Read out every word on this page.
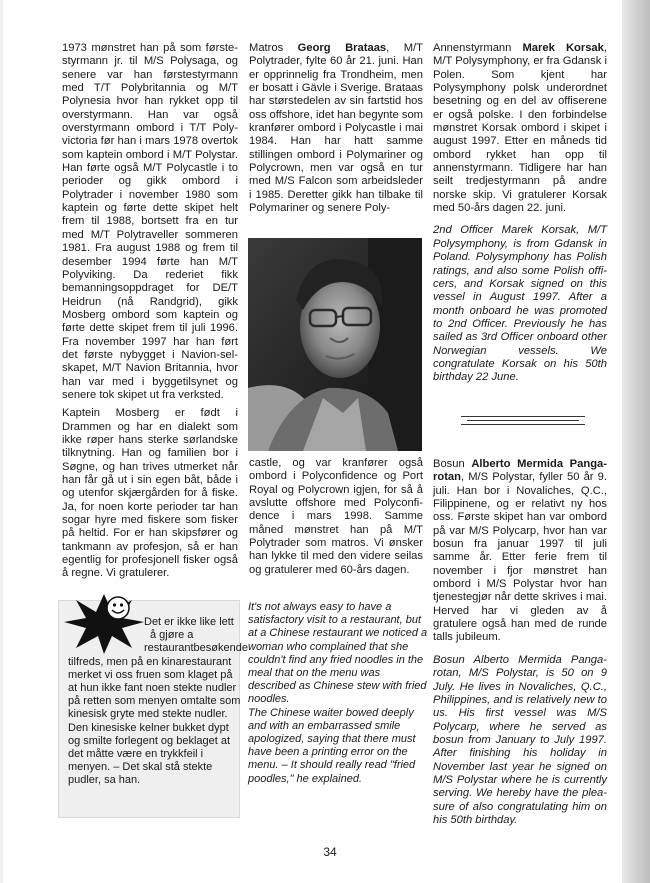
1973 mønstret han på som førstestyrmann jr. til M/S Polysaga, og senere var han førstestyrmann med T/T Polybritannia og M/T Polynesia hvor han rykket opp til overstyrmann. Han var også overstyrmann ombord i T/T Polyvictoria før han i mars 1978 overtok som kaptein ombord i M/T Polystar. Han førte også M/T Polycastle i to perioder og gikk ombord i Polytrader i november 1980 som kaptein og førte dette skipet helt frem til 1988, bortsett fra en tur med M/T Polytraveller sommeren 1981. Fra august 1988 og frem til desember 1994 førte han M/T Polyviking. Da rederiet fikk bemanningsoppdraget for DE/T Heidrun (nå Randgrid), gikk Mosberg ombord som kaptein og førte dette skipet frem til juli 1996. Fra november 1997 har han ført det første nybygget i Navion-selskapet, M/T Navion Britannia, hvor han var med i byggetilsynet og senere tok skipet ut fra verksted.

Kaptein Mosberg er født i Drammen og har en dialekt som ikke røper hans sterke sørlandske tilknytning. Han og familien bor i Søgne, og han trives utmerket når han får gå ut i sin egen båt, både i og utenfor skjærgården for å fiske. Ja, for noen korte perioder tar han sogar hyre med fiskere som fisker på heltid. For er han skipsfører og tankmann av profesjon, så er han egentlig for profesjonell fisker også å regne. Vi gratulerer.

Matros Georg Brataas, M/T Polytrader, fylte 60 år 21. juni. Han er opprinnelig fra Trondheim, men er bosatt i Gävle i Sverige. Brataas har størstedelen av sin fartstid hos oss offshore, idet han begynte som kranfører ombord i Polycastle i mai 1984. Han har hatt samme stillingen ombord i Polymariner og Polycrown, men var også en tur med M/S Falcon som arbeidsleder i 1985. Deretter gikk han tilbake til Polymariner og senere Poly-

castle, og var kranfører også ombord i Polyconfidence og Port Royal og Polycrown igjen, for så å avslutte offshore med Polyconfidence i mars 1998. Samme måned mønstret han på M/T Polytrader som matros. Vi ønsker han lykke til med den videre seilas og gratulerer med 60-års dagen.

Annenstyrmann Marek Korsak, M/T Polysymphony, er fra Gdansk i Polen. Som kjent har Polysymphony polsk underordnet besetning og en del av offiserene er også polske. I den forbindelse mønstret Korsak ombord i skipet i august 1997. Etter en måneds tid ombord rykket han opp til annenstyrmann. Tidligere har han seilt tredjestyrmann på andre norske skip. Vi gratulerer Korsak med 50-års dagen 22. juni.

2nd Officer Marek Korsak, M/T Polysymphony, is from Gdansk in Poland. Polysymphony has Polish ratings, and also some Polish officers, and Korsak signed on this vessel in August 1997. After a month onboard he was promoted to 2nd Officer. Previously he has sailed as 3rd Officer onboard other Norwegian vessels. We congratulate Korsak on his 50th birthday 22 June.

Bosun Alberto Mermida Pangarotan, M/S Polystar, fyller 50 år 9. juli. Han bor i Novaliches, Q.C., Filippinene, og er relativt ny hos oss. Første skipet han var ombord på var M/S Polycarp, hvor han var bosun fra januar 1997 til juli samme år. Etter ferie frem til november i fjor mønstret han ombord i M/S Polystar hvor han tjenestegjør når dette skrives i mai. Herved har vi gleden av å gratulere også han med de runde talls jubileum.

Bosun Alberto Mermida Pangarotan, M/S Polystar, is 50 on 9 July. He lives in Novaliches, Q.C., Philippines, and is relatively new to us. His first vessel was M/S Polycarp, where he served as bosun from January to July 1997. After finishing his holiday in November last year he signed on M/S Polystar where he is currently serving. We hereby have the pleasure of also congratulating him on his 50th birthday.

Det er ikke like lett
å gjøre a
restaurantbesøkende
tilfreds, men på en kinarestaurant merket vi oss fruen som klaget på at hun ikke fant noen stekte nudler på retten som menyen omtalte som kinesisk gryte med stekte nudler.
Den kinesiske kelner bukket dypt og smilte forlegent og beklaget at det måtte være en trykkfeil i menyen. – Det skal stå stekte pudler, sa han.
It's not always easy to have a satisfactory visit to a restaurant, but at a Chinese restaurant we noticed a woman who complained that she couldn't find any fried noodles in the meal that on the menu was described as Chinese stew with fried noodles.
The Chinese waiter bowed deeply and with an embarrassed smile apologized, saying that there must have been a printing error on the menu. – It should really read "fried poodles," he explained.
34
